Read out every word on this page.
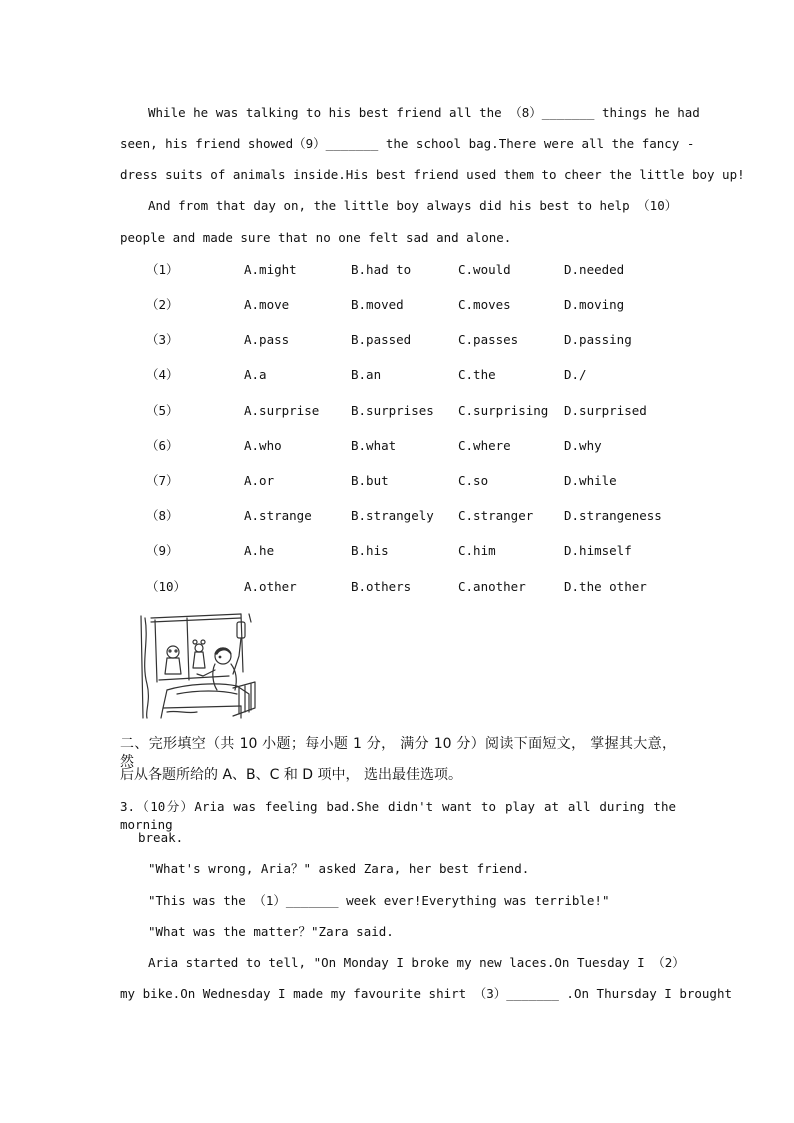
While he was talking to his best friend all the （8）_______ things he had
seen, his friend showed（9）_______ the school bag.There were all the fancy -
dress suits of animals inside.His best friend used them to cheer the little boy up!
And from that day on, the little boy always did his best to help （10）
people and made sure that no one felt sad and alone.
（1）	A.might	B.had to	C.would	D.needed
（2）	A.move	B.moved	C.moves	D.moving
（3）	A.pass	B.passed	C.passes	D.passing
（4）	A.a	B.an	C.the	D./
（5）	A.surprise	B.surprises C.surprising D.surprised
（6）	A.who	B.what	C.where	D.why
（7）	A.or	B.but	C.so	D.while
（8）	A.strange	B.strangely C.stranger D.strangeness
（9）	A.he	B.his	C.him	D.himself
（10）	A.other	B.others	C.another	D.the other
二、完形填空（共 10 小题；每小题 1 分， 满分 10 分）阅读下面短文， 掌握其大意， 然
后从各题所给的 A、B、C 和 D 项中， 选出最佳选项。
3.（10分）Aria was feeling bad.She didn't want to play at all during the morning
break.
"What's wrong, Aria？" asked Zara, her best friend.
"This was the （1）_______ week ever!Everything was terrible!"
"What was the matter？"Zara said.
Aria started to tell, "On Monday I broke my new laces.On Tuesday I （2）
my bike.On Wednesday I made my favourite shirt （3）_______ .On Thursday I brought
